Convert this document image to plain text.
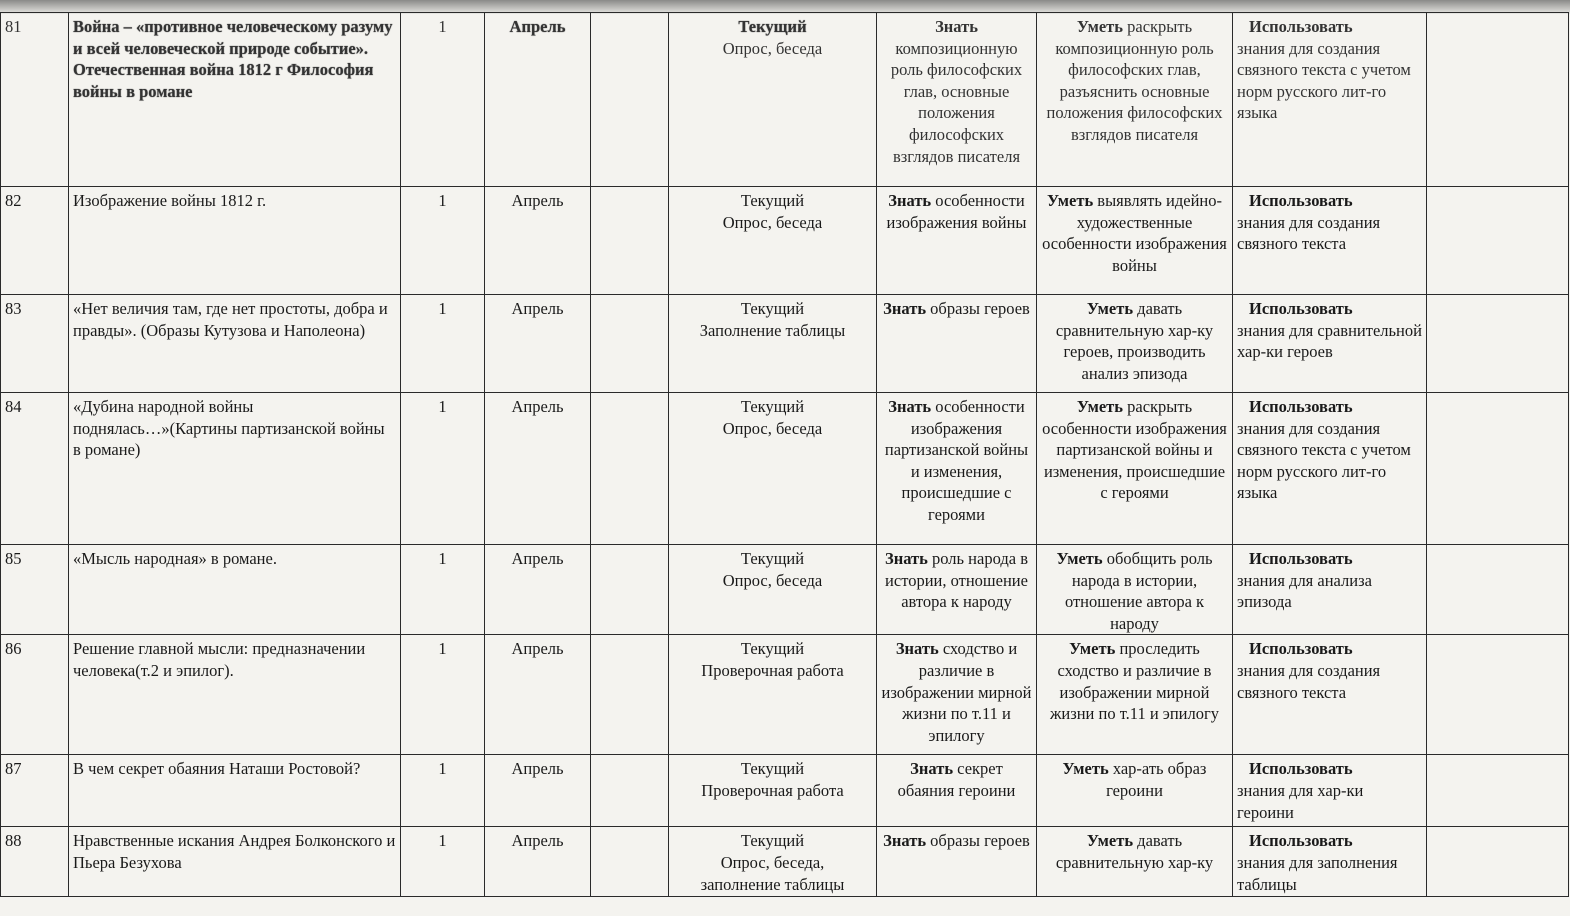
81	Война – «противное человеческому разуму и всей человеческой природе событие». Отечественная война 1812 г Философия войны в романе	1	Апрель		Текущий
Опрос, беседа	Знать композиционную роль философских глав, основные положения философских взглядов писателя	Уметь раскрыть композиционную роль философских глав, разъяснить основные положения философских взглядов писателя	Использовать
знания для создания связного текста с учетом норм русского лит-го языка	
82	Изображение войны 1812 г.	1	Апрель		Текущий
Опрос, беседа	Знать особенности изображения войны	Уметь выявлять идейно-художественные особенности изображения войны	Использовать
знания для создания связного текста	
83	«Нет величия там, где нет простоты, добра и правды». (Образы Кутузова и Наполеона)	1	Апрель		Текущий
Заполнение таблицы	Знать образы героев	Уметь давать сравнительную хар-ку героев, производить анализ эпизода	Использовать
знания для сравнительной хар-ки героев	
84	«Дубина народной войны поднялась…»(Картины партизанской войны в романе)	1	Апрель		Текущий
Опрос, беседа	Знать особенности изображения партизанской войны и изменения, происшедшие с героями	Уметь раскрыть особенности изображения партизанской войны и изменения, происшедшие с героями	Использовать
знания для создания связного текста с учетом норм русского лит-го языка	
85	«Мысль народная» в романе.	1	Апрель		Текущий
Опрос, беседа	Знать роль народа в истории, отношение автора к народу	Уметь обобщить роль народа в истории, отношение автора к народу	Использовать
знания для анализа эпизода	
86	Решение главной мысли: предназначении человека(т.2 и эпилог).	1	Апрель		Текущий
Проверочная работа	Знать сходство и различие в изображении мирной жизни по т.11 и эпилогу	Уметь проследить сходство и различие в изображении мирной жизни по т.11 и эпилогу	Использовать
знания для создания связного текста	
87	В чем секрет обаяния Наташи Ростовой?	1	Апрель		Текущий
Проверочная работа	Знать секрет обаяния героини	Уметь хар-ать образ героини	Использовать
знания для хар-ки героини	
88	Нравственные искания Андрея Болконского и Пьера Безухова	1	Апрель		Текущий
Опрос, беседа,
заполнение таблицы	Знать образы героев	Уметь давать сравнительную хар-ку	Использовать
знания для заполнения таблицы	
